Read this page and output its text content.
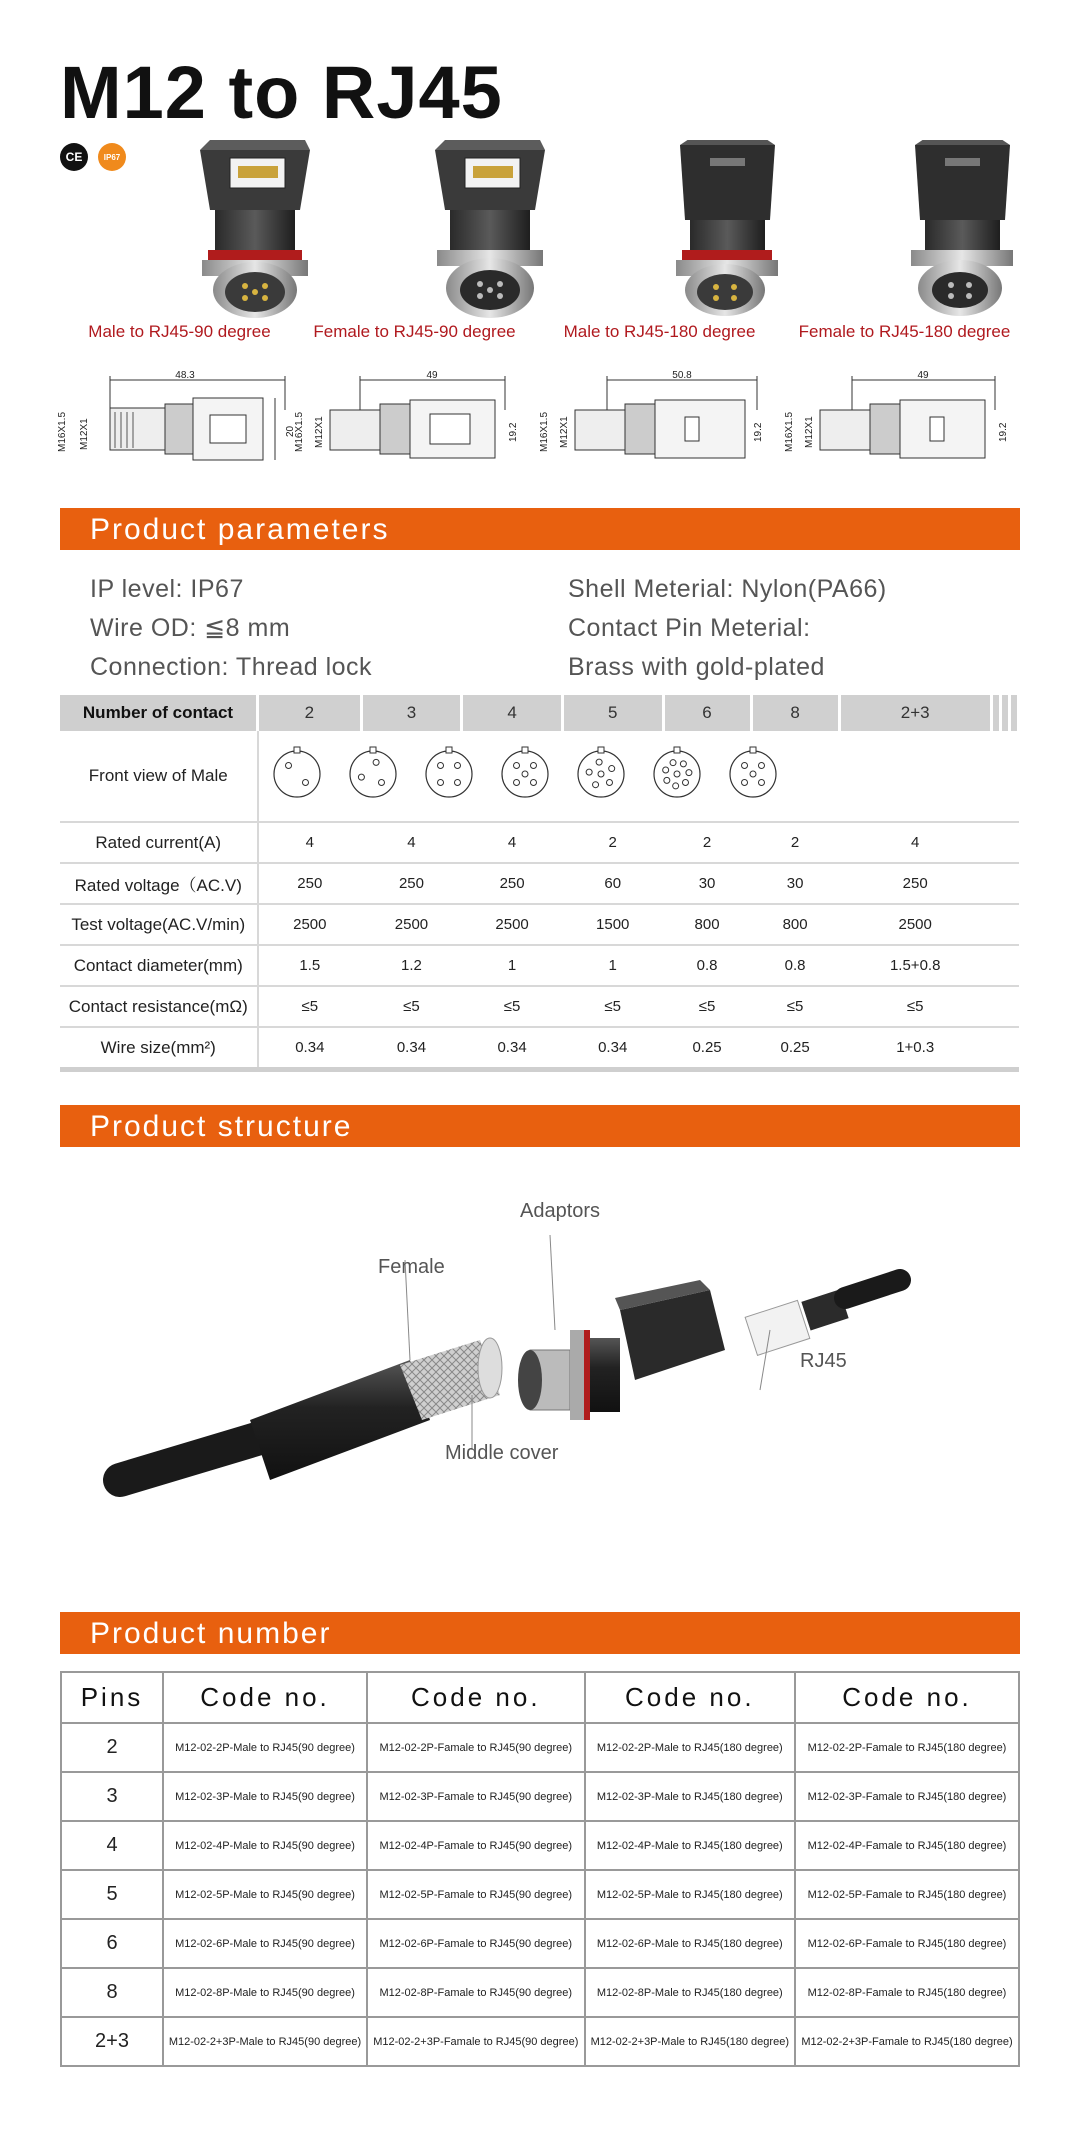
M12 to RJ45
CE	IP67
Male to RJ45-90 degree	Female to RJ45-90 degree	Male to RJ45-180 degree	Female to RJ45-180 degree
48.3
M16X1.5 M12X1	20
49
M16X1.5 M12X1	19.2
50.8
M16X1.5 M12X1	19.2
49
M16X1.5 M12X1	19.2
Product parameters
IP level: IP67
Wire OD: ≦8 mm
Connection: Thread lock
Shell Meterial: Nylon(PA66)
Contact Pin Meterial:
Brass with gold-plated
Number of contact	2	3	4	5	6	8	2+3			
Front view of Male	
Rated current(A)	4	4	4	2	2	2	4			
Rated voltage（AC.V)	250	250	250	60	30	30	250			
Test voltage(AC.V/min)	2500	2500	2500	1500	800	800	2500			
Contact diameter(mm)	1.5	1.2	1	1	0.8	0.8	1.5+0.8			
Contact resistance(mΩ)	≤5	≤5	≤5	≤5	≤5	≤5	≤5			
Wire size(mm²)	0.34	0.34	0.34	0.34	0.25	0.25	1+0.3			
Product structure
Adaptors
Female
RJ45
Middle cover
Product number
Pins	Code no.	Code no.	Code no.	Code no.
2	M12-02-2P-Male to RJ45(90 degree)	M12-02-2P-Famale to RJ45(90 degree)	M12-02-2P-Male to RJ45(180 degree)	M12-02-2P-Famale to RJ45(180 degree)
3	M12-02-3P-Male to RJ45(90 degree)	M12-02-3P-Famale to RJ45(90 degree)	M12-02-3P-Male to RJ45(180 degree)	M12-02-3P-Famale to RJ45(180 degree)
4	M12-02-4P-Male to RJ45(90 degree)	M12-02-4P-Famale to RJ45(90 degree)	M12-02-4P-Male to RJ45(180 degree)	M12-02-4P-Famale to RJ45(180 degree)
5	M12-02-5P-Male to RJ45(90 degree)	M12-02-5P-Famale to RJ45(90 degree)	M12-02-5P-Male to RJ45(180 degree)	M12-02-5P-Famale to RJ45(180 degree)
6	M12-02-6P-Male to RJ45(90 degree)	M12-02-6P-Famale to RJ45(90 degree)	M12-02-6P-Male to RJ45(180 degree)	M12-02-6P-Famale to RJ45(180 degree)
8	M12-02-8P-Male to RJ45(90 degree)	M12-02-8P-Famale to RJ45(90 degree)	M12-02-8P-Male to RJ45(180 degree)	M12-02-8P-Famale to RJ45(180 degree)
2+3	M12-02-2+3P-Male to RJ45(90 degree)	M12-02-2+3P-Famale to RJ45(90 degree)	M12-02-2+3P-Male to RJ45(180 degree)	M12-02-2+3P-Famale to RJ45(180 degree)
